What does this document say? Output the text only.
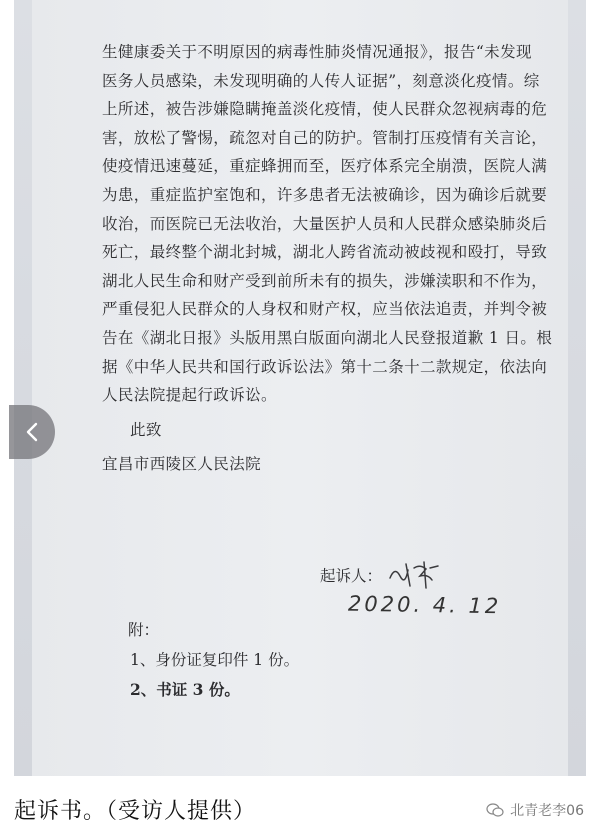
生健康委关于不明原因的病毒性肺炎情况通报》，报告“未发现
医务人员感染，未发现明确的人传人证据”，刻意淡化疫情。综
上所述，被告涉嫌隐瞒掩盖淡化疫情，使人民群众忽视病毒的危
害，放松了警惕，疏忽对自己的防护。管制打压疫情有关言论，
使疫情迅速蔓延，重症蜂拥而至，医疗体系完全崩溃，医院人满
为患，重症监护室饱和，许多患者无法被确诊，因为确诊后就要
收治，而医院已无法收治，大量医护人员和人民群众感染肺炎后
死亡，最终整个湖北封城，湖北人跨省流动被歧视和殴打，导致
湖北人民生命和财产受到前所未有的损失，涉嫌渎职和不作为，
严重侵犯人民群众的人身权和财产权，应当依法追责，并判令被
告在《湖北日报》头版用黑白版面向湖北人民登报道歉 1 日。根
据《中华人民共和国行政诉讼法》第十二条十二款规定，依法向
人民法院提起行政诉讼。
此致
宜昌市西陵区人民法院
起诉人：
2020. 4. 12
附：
1、身份证复印件 1 份。
2、书证 3 份。
起诉书。（受访人提供）	北青老李06
